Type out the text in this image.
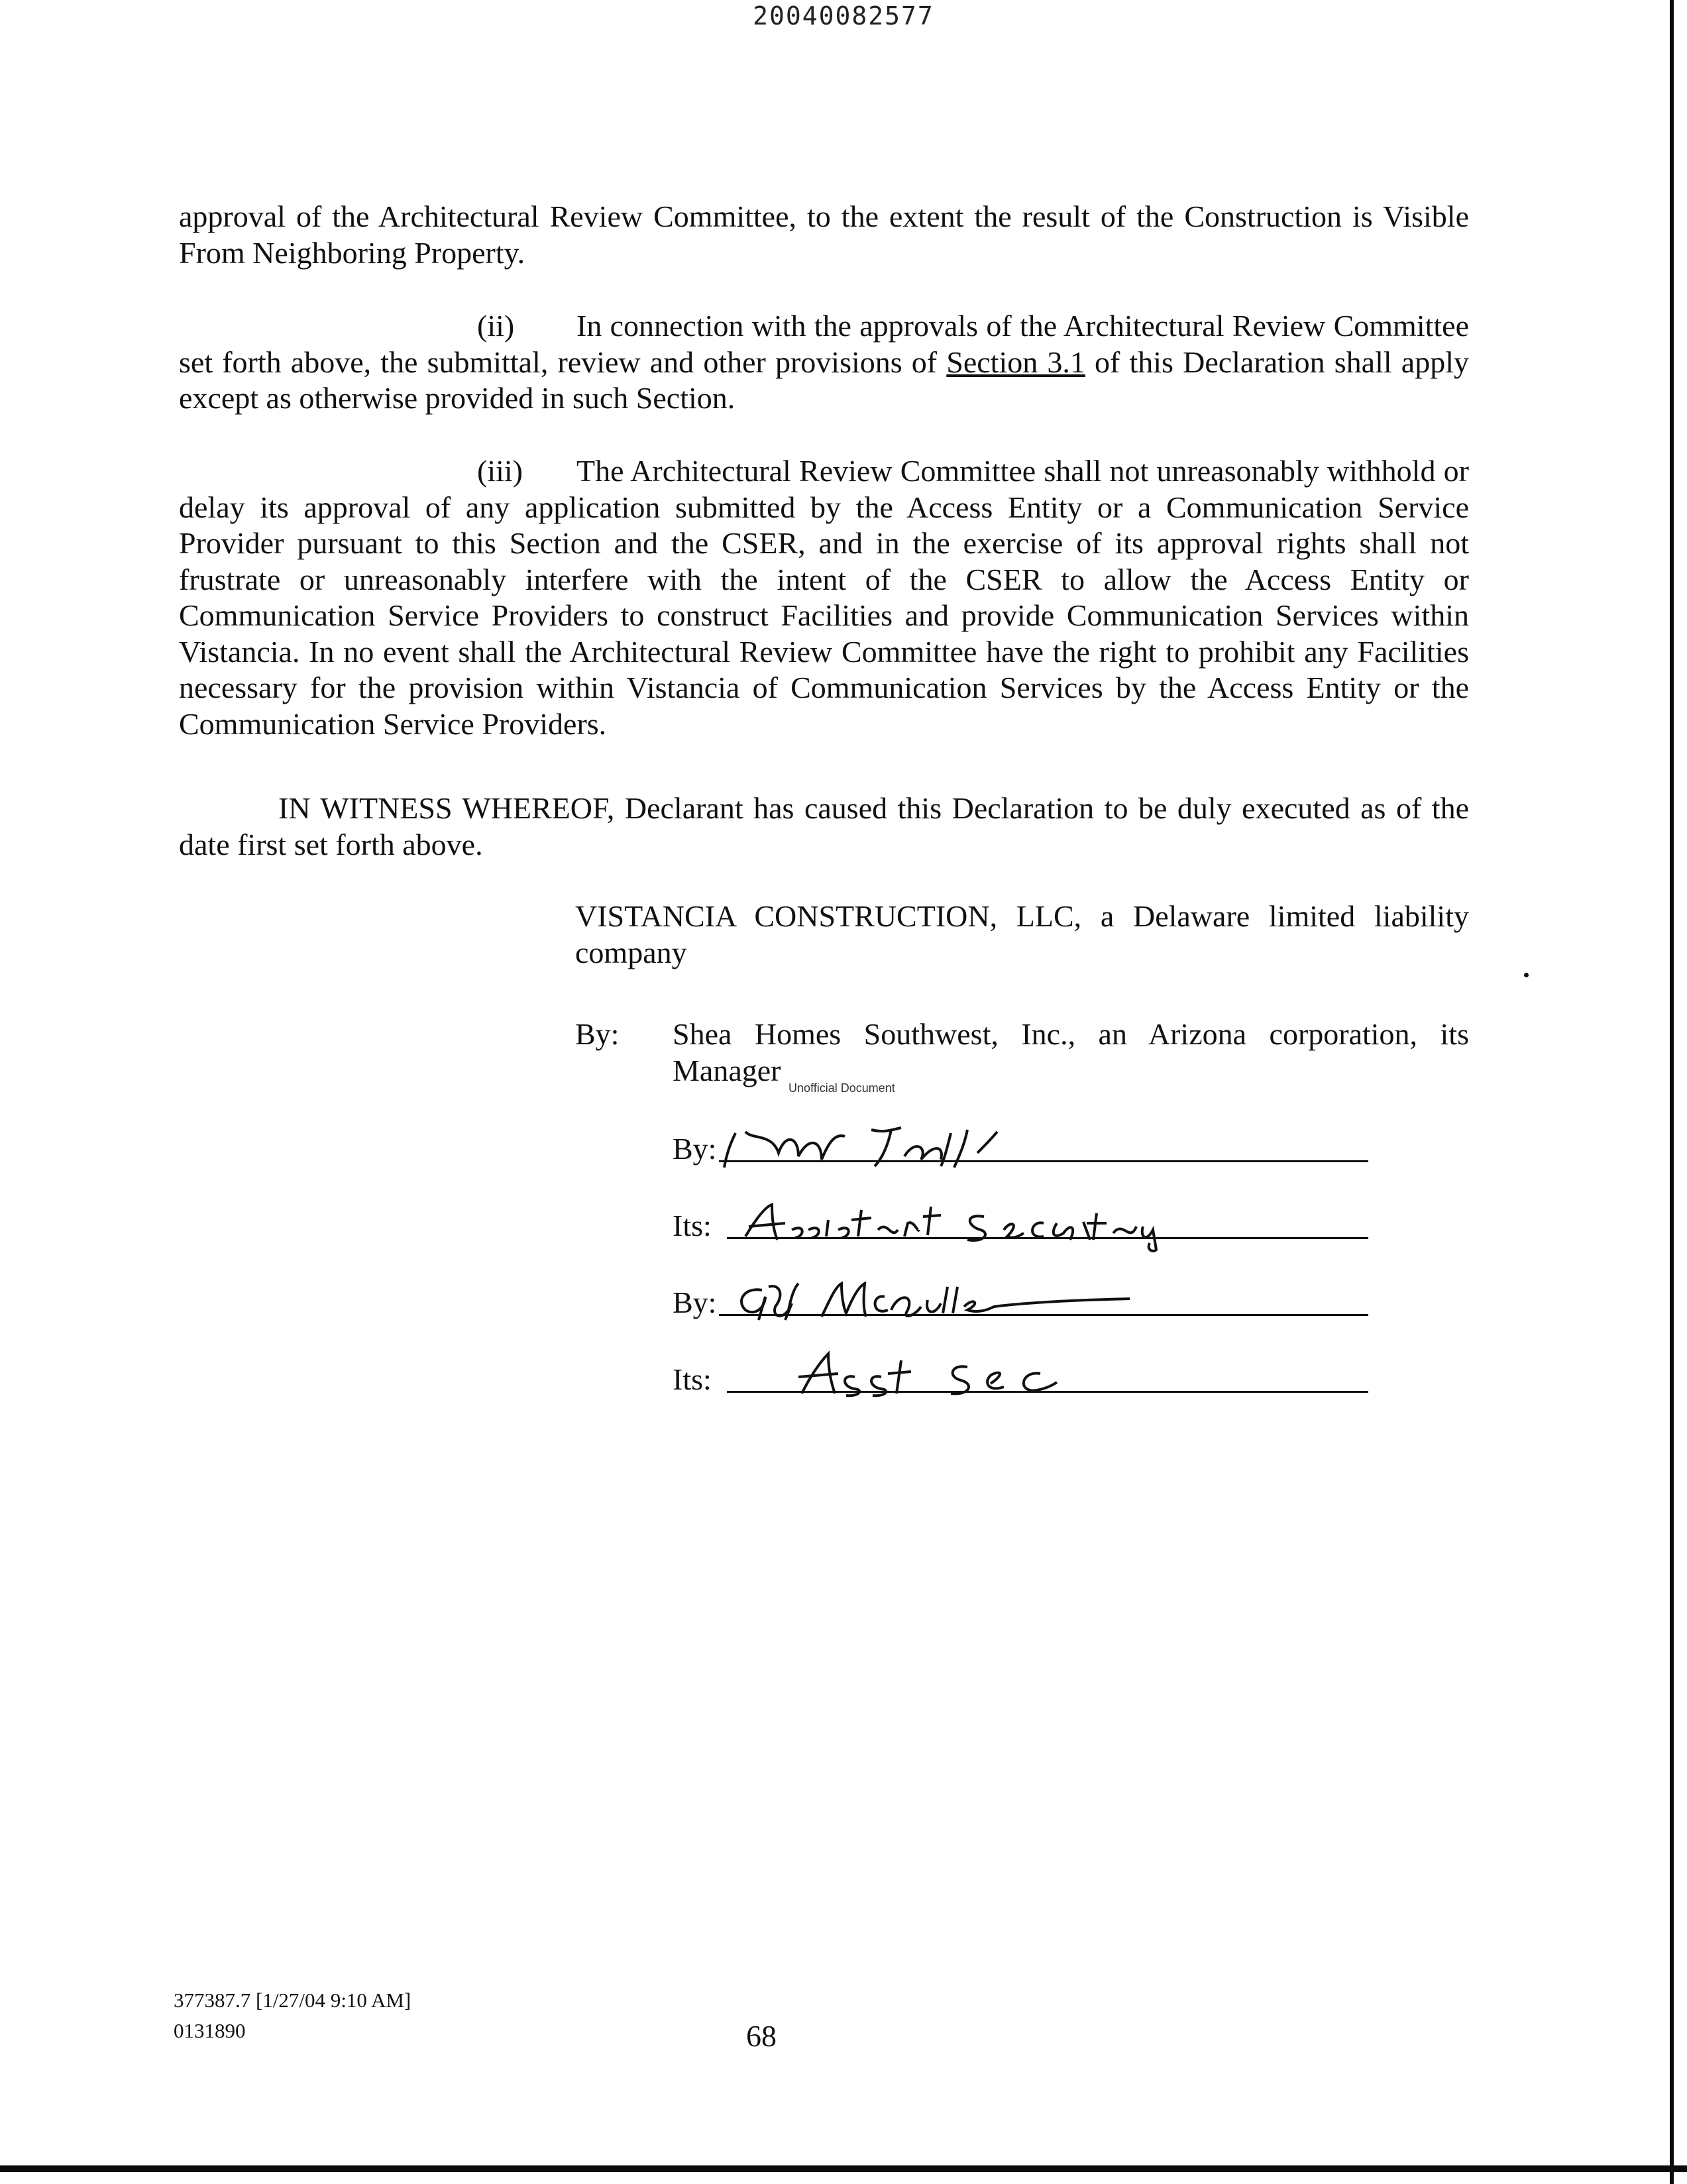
20040082577

approval of the Architectural Review Committee, to the extent the result of the Construction is Visible From Neighboring Property.

(ii) In connection with the approvals of the Architectural Review Committee set forth above, the submittal, review and other provisions of Section 3.1 of this Declaration shall apply except as otherwise provided in such Section.

(iii) The Architectural Review Committee shall not unreasonably withhold or delay its approval of any application submitted by the Access Entity or a Communication Service Provider pursuant to this Section and the CSER, and in the exercise of its approval rights shall not frustrate or unreasonably interfere with the intent of the CSER to allow the Access Entity or Communication Service Providers to construct Facilities and provide Communication Services within Vistancia. In no event shall the Architectural Review Committee have the right to prohibit any Facilities necessary for the provision within Vistancia of Communication Services by the Access Entity or the Communication Service Providers.

IN WITNESS WHEREOF, Declarant has caused this Declaration to be duly executed as of the date first set forth above.

VISTANCIA CONSTRUCTION, LLC, a Delaware limited liability company

By: Shea Homes Southwest, Inc., an Arizona corporation, its Manager

Unofficial Document
By:
Its:
By:
Its:
377387.7 [1/27/04 9:10 AM]
0131890	68
